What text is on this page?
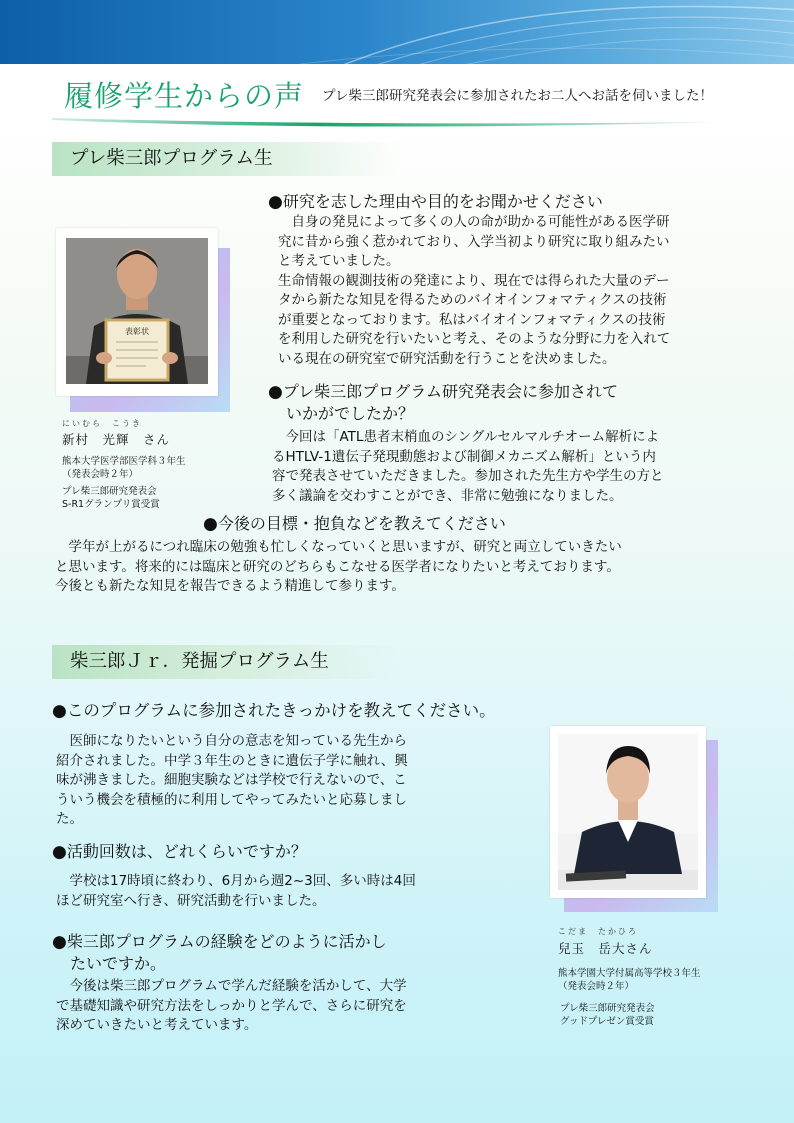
履修学生からの声 プレ柴三郎研究発表会に参加されたお二人へお話を伺いました！
プレ柴三郎プログラム生
表彰状
にいむら　こうき
新村　光輝　さん
熊本大学医学部医学科３年生
（発表会時２年）
プレ柴三郎研究発表会
S-R1グランプリ賞受賞
●研究を志した理由や目的をお聞かせください
　自身の発見によって多くの人の命が助かる可能性がある医学研
究に昔から強く惹かれており、入学当初より研究に取り組みたい
と考えていました。
生命情報の観測技術の発達により、現在では得られた大量のデー
タから新たな知見を得るためのバイオインフォマティクスの技術
が重要となっております。私はバイオインフォマティクスの技術
を利用した研究を行いたいと考え、そのような分野に力を入れて
いる現在の研究室で研究活動を行うことを決めました。
●プレ柴三郎プログラム研究発表会に参加されて
いかがでしたか？
　今回は「ATL患者末梢血のシングルセルマルチオーム解析によ
るHTLV-1遺伝子発現動態および制御メカニズム解析」という内
容で発表させていただきました。参加された先生方や学生の方と
多く議論を交わすことができ、非常に勉強になりました。
●今後の目標・抱負などを教えてください
　学年が上がるにつれ臨床の勉強も忙しくなっていくと思いますが、研究と両立していきたい
と思います。将来的には臨床と研究のどちらもこなせる医学者になりたいと考えております。
今後とも新たな知見を報告できるよう精進して参ります。
柴三郎Ｊｒ．発掘プログラム生
●このプログラムに参加されたきっかけを教えてください。
　医師になりたいという自分の意志を知っている先生から
紹介されました。中学３年生のときに遺伝子学に触れ、興
味が沸きました。細胞実験などは学校で行えないので、こ
ういう機会を積極的に利用してやってみたいと応募しまし
た。
●活動回数は、どれくらいですか？
　学校は17時頃に終わり、6月から週2~3回、多い時は4回
ほど研究室へ行き、研究活動を行いました。
●柴三郎プログラムの経験をどのように活かし
たいですか。
　今後は柴三郎プログラムで学んだ経験を活かして、大学
で基礎知識や研究方法をしっかりと学んで、さらに研究を
深めていきたいと考えています。
こだま　たかひろ
兒玉　岳大さん
熊本学園大学付属高等学校３年生
（発表会時２年）
プレ柴三郎研究発表会
グッドプレゼン賞受賞
